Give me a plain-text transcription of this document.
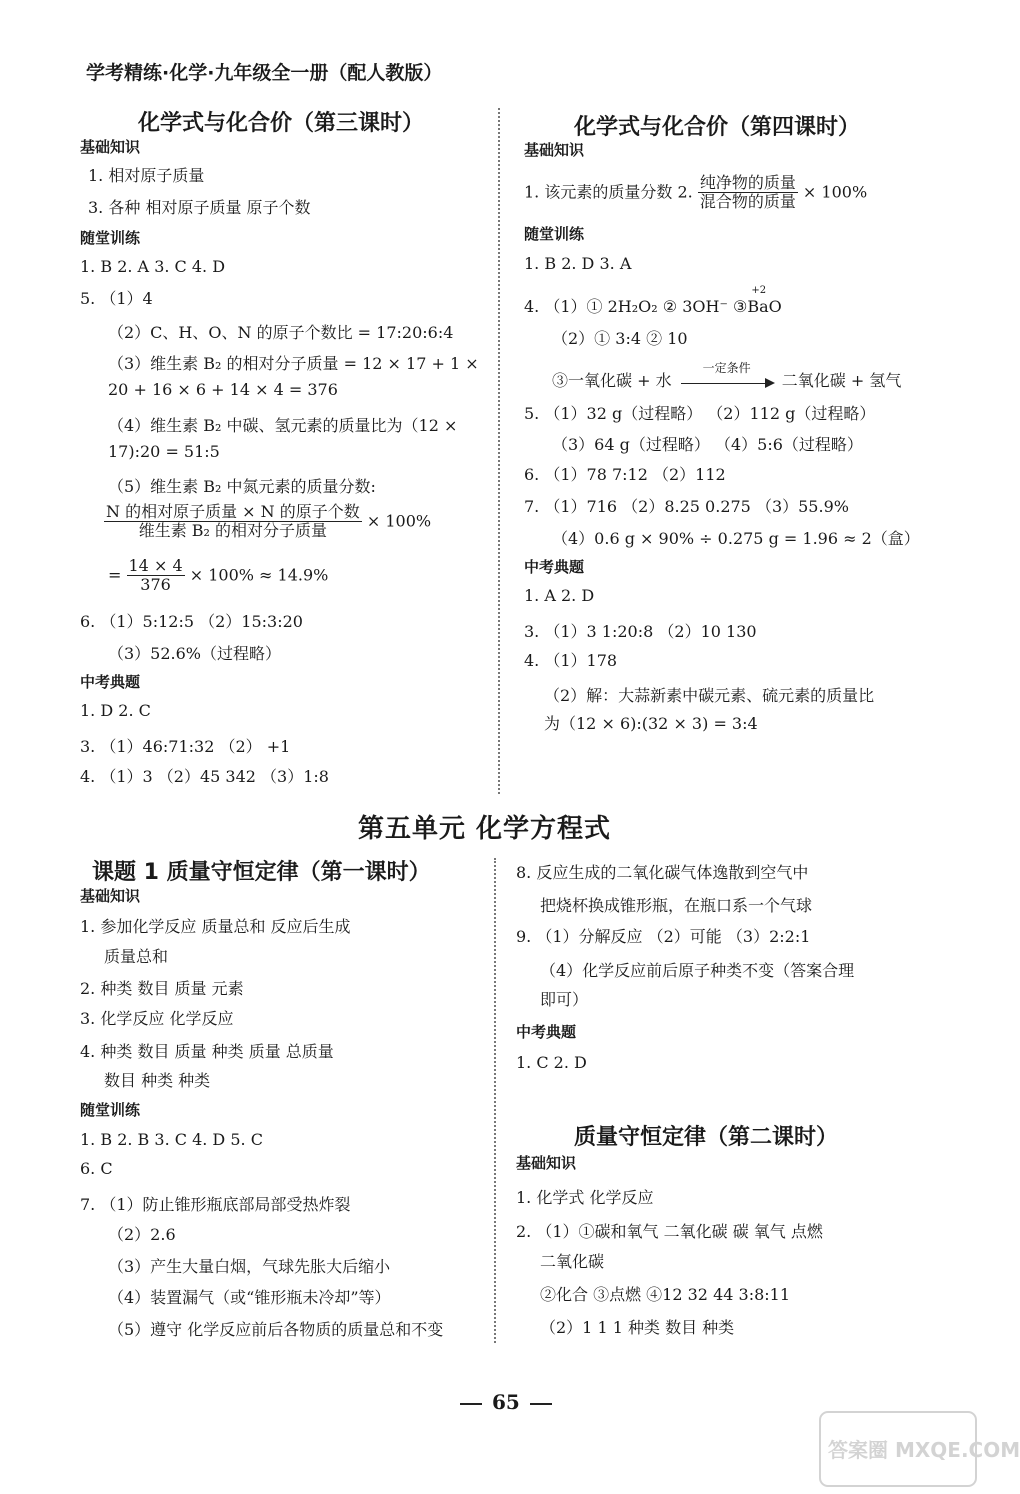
学考精练·化学·九年级全一册（配人教版）
化学式与化合价（第三课时）
基础知识
1. 相对原子质量
3. 各种 相对原子质量 原子个数
随堂训练
1. B 2. A 3. C 4. D
5. （1）4
（2）C、H、O、N 的原子个数比 = 17:20:6:4
（3）维生素 B₂ 的相对分子质量 = 12 × 17 + 1 ×
20 + 16 × 6 + 14 × 4 = 376
（4）维生素 B₂ 中碳、氢元素的质量比为（12 ×
17):20 = 51:5
（5）维生素 B₂ 中氮元素的质量分数:
$\frac{\text{N 的相对原子质量 × N 的原子个数}}{\text{维生素 B₂ 的相对分子质量}} \times 100\%$
= $\frac{14 \times 4}{376} \times 100\% \approx 14.9\%$
6. （1）5:12:5 （2）15:3:20
（3）52.6%（过程略）
中考典题
1. D 2. C
3. （1）46:71:32 （2） +1
4. （1）3 （2）45 342 （3）1:8
化学式与化合价（第四课时）
基础知识
1. 该元素的质量分数 2. $\frac{\text{纯净物的质量}}{\text{混合物的质量}} \times 100\%$
随堂训练
1. B 2. D 3. A
4. （1）① 2H₂O₂ ② 3OH⁻ ③
+2
BaO
（2）① 3:4 ② 10
③一氧化碳 + 水
一定条件
二氧化碳 + 氢气
5. （1）32 g（过程略） （2）112 g（过程略）
（3）64 g（过程略） （4）5:6（过程略）
6. （1）78 7:12 （2）112
7. （1）716 （2）8.25 0.275 （3）55.9%
（4）0.6 g × 90% ÷ 0.275 g = 1.96 ≈ 2（盒）
中考典题
1. A 2. D
3. （1）3 1:20:8 （2）10 130
4. （1）178
（2）解：大蒜新素中碳元素、硫元素的质量比
为（12 × 6):(32 × 3) = 3:4
第五单元 化学方程式
课题 1 质量守恒定律（第一课时）
基础知识
1. 参加化学反应 质量总和 反应后生成
质量总和
2. 种类 数目 质量 元素
3. 化学反应 化学反应
4. 种类 数目 质量 种类 质量 总质量
数目 种类 种类
随堂训练
1. B 2. B 3. C 4. D 5. C
6. C
7. （1）防止锥形瓶底部局部受热炸裂
（2）2.6
（3）产生大量白烟，气球先胀大后缩小
（4）装置漏气（或“锥形瓶未冷却”等）
（5）遵守 化学反应前后各物质的质量总和不变
8. 反应生成的二氧化碳气体逸散到空气中
把烧杯换成锥形瓶，在瓶口系一个气球
9. （1）分解反应 （2）可能 （3）2:2:1
（4）化学反应前后原子种类不变（答案合理
即可）
中考典题
1. C 2. D
质量守恒定律（第二课时）
基础知识
1. 化学式 化学反应
2. （1）①碳和氧气 二氧化碳 碳 氧气 点燃
二氧化碳
②化合 ③点燃 ④12 32 44 3:8:11
（2）1 1 1 种类 数目 种类
65
答案圈 MXQE.COM
